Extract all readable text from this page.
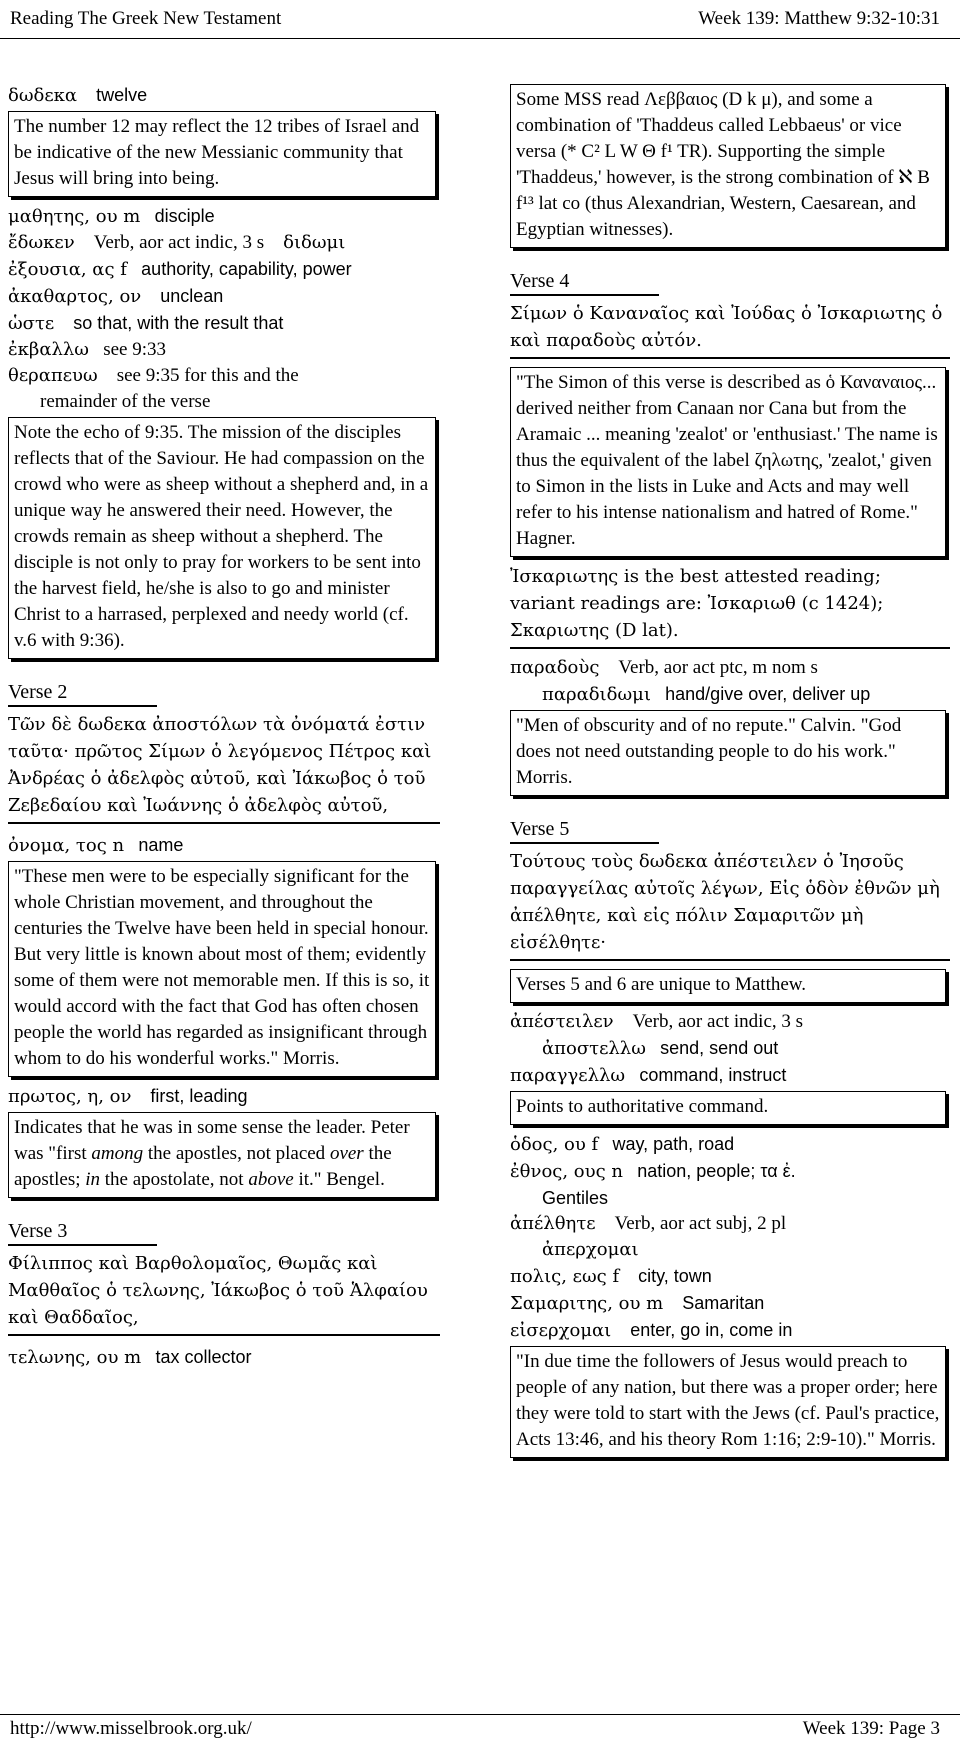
Reading The Greek New Testament	Week 139: Matthew 9:32-10:31
δωδεκα twelve

The number 12 may reflect the 12 tribes of Israel and be indicative of the new Messianic community that Jesus will bring into being.

μαθητης, ου m disciple
ἔδωκεν Verb, aor act indic, 3 s διδωμι
ἐξουσια, ας f authority, capability, power
ἀκαθαρτος, ον unclean
ὡστε so that, with the result that
ἐκβαλλω see 9:33
θεραπευω see 9:35 for this and the
remainder of the verse

Note the echo of 9:35. The mission of the disciples reflects that of the Saviour. He had compassion on the crowd who were as sheep without a shepherd and, in a unique way he answered their need. However, the crowds remain as sheep without a shepherd. The disciple is not only to pray for workers to be sent into the harvest field, he/she is also to go and minister Christ to a harrased, perplexed and needy world (cf. v.6 with 9:36).

Verse 2
Τῶν δὲ δωδεκα ἀποστόλων τὰ ὀνόματά ἐστιν ταῦτα· πρῶτος Σίμων ὁ λεγόμενος Πέτρος καὶ Ἀνδρέας ὁ ἀδελφὸς αὐτοῦ, καὶ Ἰάκωβος ὁ τοῦ Ζεβεδαίου καὶ Ἰωάννης ὁ ἀδελφὸς αὐτοῦ,
ὀνομα, τος n name

"These men were to be especially significant for the whole Christian movement, and throughout the centuries the Twelve have been held in special honour. But very little is known about most of them; evidently some of them were not memorable men. If this is so, it would accord with the fact that God has often chosen people the world has regarded as insignificant through whom to do his wonderful works." Morris.

πρωτος, η, ον first, leading

Indicates that he was in some sense the leader. Peter was "first among the apostles, not placed over the apostles; in the apostolate, not above it." Bengel.

Verse 3
Φίλιππος καὶ Βαρθολομαῖος, Θωμᾶς καὶ Μαθθαῖος ὁ τελωνης, Ἰάκωβος ὁ τοῦ Ἁλφαίου καὶ Θαδδαῖος,
τελωνης, ου m tax collector

Some MSS read Λεββαιος (D k μ), and some a combination of 'Thaddeus called Lebbaeus' or vice versa (* C² L W Θ f¹ TR). Supporting the simple 'Thaddeus,' however, is the strong combination of ℵ B f¹³ lat co (thus Alexandrian, Western, Caesarean, and Egyptian witnesses).

Verse 4
Σίμων ὁ Καναναῖος καὶ Ἰούδας ὁ Ἰσκαριωτης ὁ καὶ παραδοὺς αὐτόν.

"The Simon of this verse is described as ὁ Καναναιος... derived neither from Canaan nor Cana but from the Aramaic ... meaning 'zealot' or 'enthusiast.' The name is thus the equivalent of the label ζηλωτης, 'zealot,' given to Simon in the lists in Luke and Acts and may well refer to his intense nationalism and hatred of Rome." Hagner.

Ἰσκαριωτης is the best attested reading; variant readings are: Ἰσκαριωθ (c 1424); Σκαριωτης (D lat).
παραδοὺς Verb, aor act ptc, m nom s
παραδιδωμι hand/give over, deliver up

"Men of obscurity and of no repute." Calvin. "God does not need outstanding people to do his work." Morris.

Verse 5
Τούτους τοὺς δωδεκα ἀπέστειλεν ὁ Ἰησοῦς παραγγείλας αὐτοῖς λέγων, Εἰς ὁδὸν ἐθνῶν μὴ ἀπέλθητε, καὶ εἰς πόλιν Σαμαριτῶν μὴ εἰσέλθητε·

Verses 5 and 6 are unique to Matthew.

ἀπέστειλεν Verb, aor act indic, 3 s
ἀποστελλω send, send out
παραγγελλω command, instruct

Points to authoritative command.

ὁδος, ου f way, path, road
ἐθνος, ους n nation, people; τα ἐ.
Gentiles
ἀπέλθητε Verb, aor act subj, 2 pl
ἀπερχομαι
πολις, εως f city, town
Σαμαριτης, ου m Samaritan
εἰσερχομαι enter, go in, come in

"In due time the followers of Jesus would preach to people of any nation, but there was a proper order; here they were told to start with the Jews (cf. Paul's practice, Acts 13:46, and his theory Rom 1:16; 2:9-10)." Morris.

http://www.misselbrook.org.uk/	Week 139: Page 3
